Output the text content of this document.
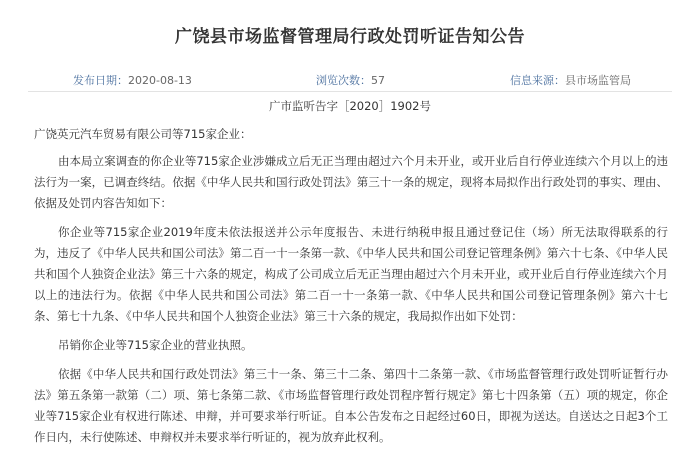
广饶县市场监督管理局行政处罚听证告知公告
发布日期：2020-08-13	浏览次数：57	信息来源：县市场监管局
广市监听告字［2020］1902号

广饶英元汽车贸易有限公司等715家企业：

由本局立案调查的你企业等715家企业涉嫌成立后无正当理由超过六个月未开业，或开业后自行停业连续六个月以上的违法行为一案，已调查终结。依据《中华人民共和国行政处罚法》第三十一条的规定，现将本局拟作出行政处罚的事实、理由、依据及处罚内容告知如下：

你企业等715家企业2019年度未依法报送并公示年度报告、未进行纳税申报且通过登记住（场）所无法取得联系的行为，违反了《中华人民共和国公司法》第二百一十一条第一款、《中华人民共和国公司登记管理条例》第六十七条、《中华人民共和国个人独资企业法》第三十六条的规定，构成了公司成立后无正当理由超过六个月未开业，或开业后自行停业连续六个月以上的违法行为。依据《中华人民共和国公司法》第二百一十一条第一款、《中华人民共和国公司登记管理条例》第六十七条、第七十九条、《中华人民共和国个人独资企业法》第三十六条的规定，我局拟作出如下处罚：

吊销你企业等715家企业的营业执照。

依据《中华人民共和国行政处罚法》第三十一条、第三十二条、第四十二条第一款、《市场监督管理行政处罚听证暂行办法》第五条第一款第（二）项、第七条第二款、《市场监督管理行政处罚程序暂行规定》第七十四条第（五）项的规定，你企业等715家企业有权进行陈述、申辩，并可要求举行听证。自本公告发布之日起经过60日，即视为送达。自送达之日起3个工作日内，未行使陈述、申辩权并未要求举行听证的，视为放弃此权利。
